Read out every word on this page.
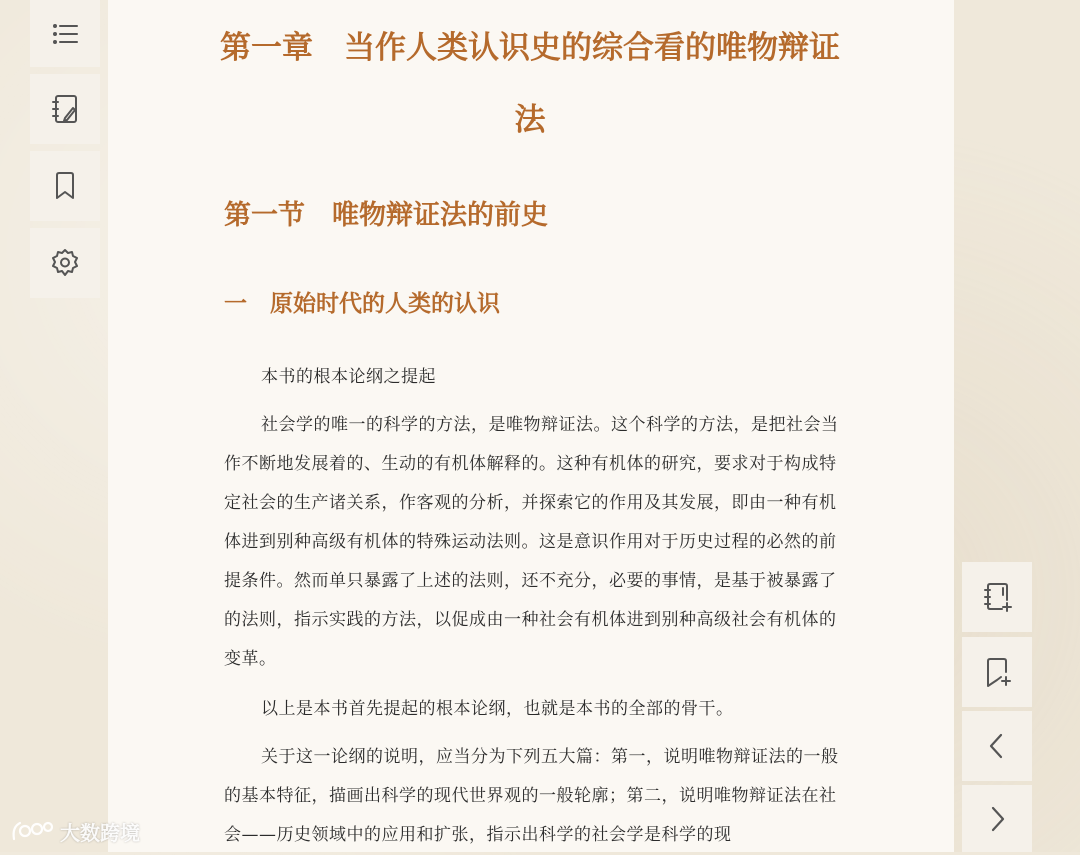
第一章　当作人类认识史的综合看的唯物辩证法
第一节　唯物辩证法的前史
一　原始时代的人类的认识

本书的根本论纲之提起

社会学的唯一的科学的方法，是唯物辩证法。这个科学的方法，是把社会当作不断地发展着的、生动的有机体解释的。这种有机体的研究，要求对于构成特定社会的生产诸关系，作客观的分析，并探索它的作用及其发展，即由一种有机体进到别种高级有机体的特殊运动法则。这是意识作用对于历史过程的必然的前提条件。然而单只暴露了上述的法则，还不充分，必要的事情，是基于被暴露了的法则，指示实践的方法，以促成由一种社会有机体进到别种高级社会有机体的变革。

以上是本书首先提起的根本论纲，也就是本书的全部的骨干。

关于这一论纲的说明，应当分为下列五大篇：第一，说明唯物辩证法的一般的基本特征，描画出科学的现代世界观的一般轮廓；第二，说明唯物辩证法在社会——历史领域中的应用和扩张，指示出科学的社会学是科学的现

大数跨境
